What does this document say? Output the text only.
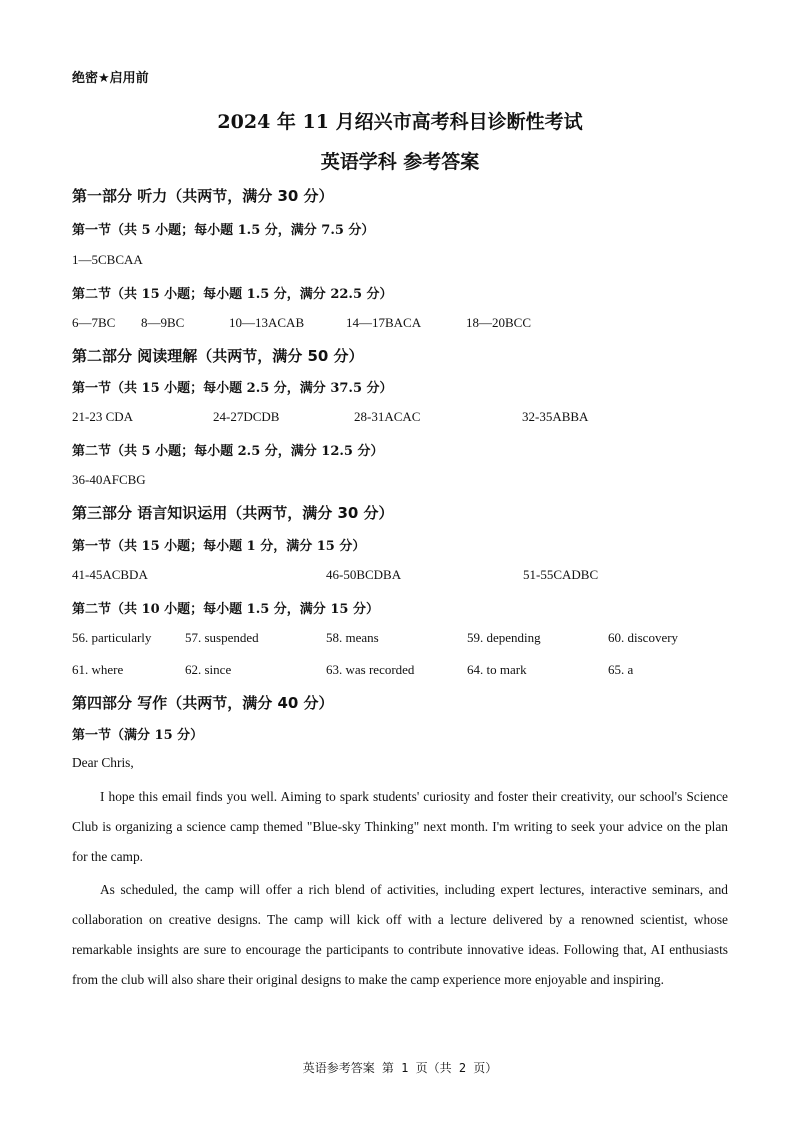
绝密★启用前
2024 年 11 月绍兴市高考科目诊断性考试
英语学科 参考答案
第一部分 听力（共两节，满分 30 分）
第一节（共 5 小题；每小题 1.5 分，满分 7.5 分）
1—5CBCAA
第二节（共 15 小题；每小题 1.5 分，满分 22.5 分）
6—7BC 8—9BC	10—13ACAB	14—17BACA	18—20BCC
第二部分 阅读理解（共两节，满分 50 分）
第一节（共 15 小题；每小题 2.5 分，满分 37.5 分）
21-23 CDA	24-27DCDB	28-31ACAC	32-35ABBA
第二节（共 5 小题；每小题 2.5 分，满分 12.5 分）
36-40AFCBG
第三部分 语言知识运用（共两节，满分 30 分）
第一节（共 15 小题；每小题 1 分，满分 15 分）
41-45ACBDA	46-50BCDBA	51-55CADBC
第二节（共 10 小题；每小题 1.5 分，满分 15 分）
56. particularly	57. suspended	58. means	59. depending	60. discovery
61. where	62. since	63. was recorded	64. to mark	65. a
第四部分 写作（共两节，满分 40 分）
第一节（满分 15 分）
Dear Chris,
I hope this email finds you well. Aiming to spark students' curiosity and foster their creativity, our school's Science Club is organizing a science camp themed "Blue-sky Thinking" next month. I'm writing to seek your advice on the plan for the camp.
As scheduled, the camp will offer a rich blend of activities, including expert lectures, interactive seminars, and collaboration on creative designs. The camp will kick off with a lecture delivered by a renowned scientist, whose remarkable insights are sure to encourage the participants to contribute innovative ideas. Following that, AI enthusiasts from the club will also share their original designs to make the camp experience more enjoyable and inspiring.
英语参考答案 第 1 页（共 2 页）
